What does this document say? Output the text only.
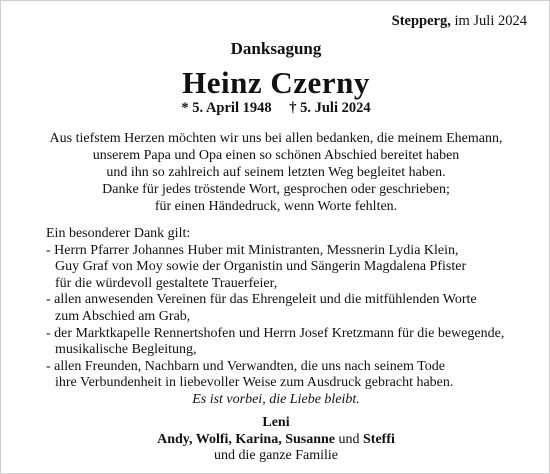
Stepperg, im Juli 2024
Danksagung
Heinz Czerny
* 5. April 1948 † 5. Juli 2024
Aus tiefstem Herzen möchten wir uns bei allen bedanken, die meinem Ehemann,
unserem Papa und Opa einen so schönen Abschied bereitet haben
und ihn so zahlreich auf seinem letzten Weg begleitet haben.
Danke für jedes tröstende Wort, gesprochen oder geschrieben;
für einen Händedruck, wenn Worte fehlten.
Ein besonderer Dank gilt:
- Herrn Pfarrer Johannes Huber mit Ministranten, Messnerin Lydia Klein,
Guy Graf von Moy sowie der Organistin und Sängerin Magdalena Pfister
für die würdevoll gestaltete Trauerfeier,
- allen anwesenden Vereinen für das Ehrengeleit und die mitfühlenden Worte
zum Abschied am Grab,
- der Marktkapelle Rennertshofen und Herrn Josef Kretzmann für die bewegende,
musikalische Begleitung,
- allen Freunden, Nachbarn und Verwandten, die uns nach seinem Tode
ihre Verbundenheit in liebevoller Weise zum Ausdruck gebracht haben.
Es ist vorbei, die Liebe bleibt.
Leni
Andy, Wolfi, Karina, Susanne und Steffi
und die ganze Familie
